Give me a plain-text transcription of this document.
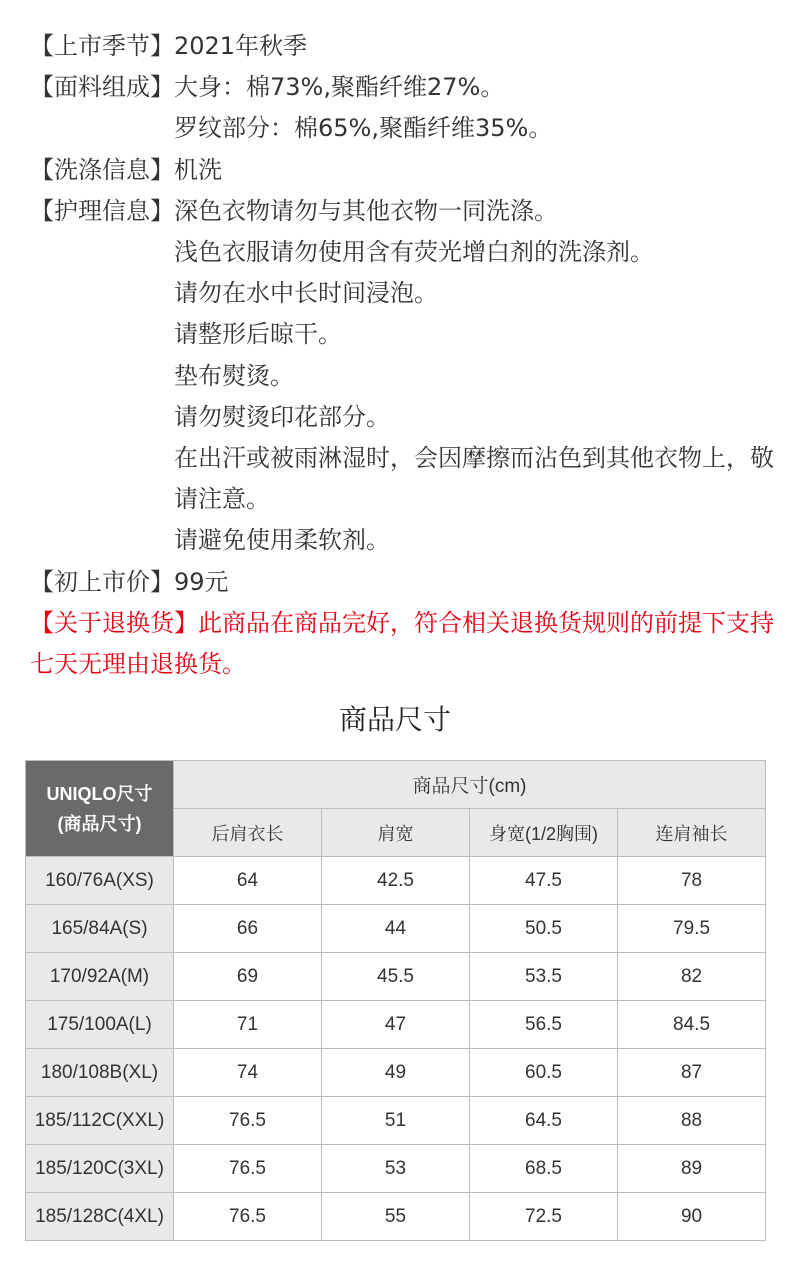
【上市季节】 2021年秋季
【面料组成】 大身：棉73%,聚酯纤维27%。
罗纹部分：棉65%,聚酯纤维35%。
【洗涤信息】 机洗
【护理信息】 深色衣物请勿与其他衣物一同洗涤。
浅色衣服请勿使用含有荧光增白剂的洗涤剂。
请勿在水中长时间浸泡。
请整形后晾干。
垫布熨烫。
请勿熨烫印花部分。
在出汗或被雨淋湿时，会因摩擦而沾色到其他衣物上，敬请注意。
请避免使用柔软剂。
【初上市价】 99元
【关于退换货】此商品在商品完好，符合相关退换货规则的前提下支持七天无理由退换货。
商品尺寸
UNIQLO尺寸
(商品尺寸)	商品尺寸(cm)			
	后肩衣长	肩宽	身宽(1/2胸围)	连肩袖长
160/76A(XS)	64	42.5	47.5	78
165/84A(S)	66	44	50.5	79.5
170/92A(M)	69	45.5	53.5	82
175/100A(L)	71	47	56.5	84.5
180/108B(XL)	74	49	60.5	87
185/112C(XXL)	76.5	51	64.5	88
185/120C(3XL)	76.5	53	68.5	89
185/128C(4XL)	76.5	55	72.5	90
